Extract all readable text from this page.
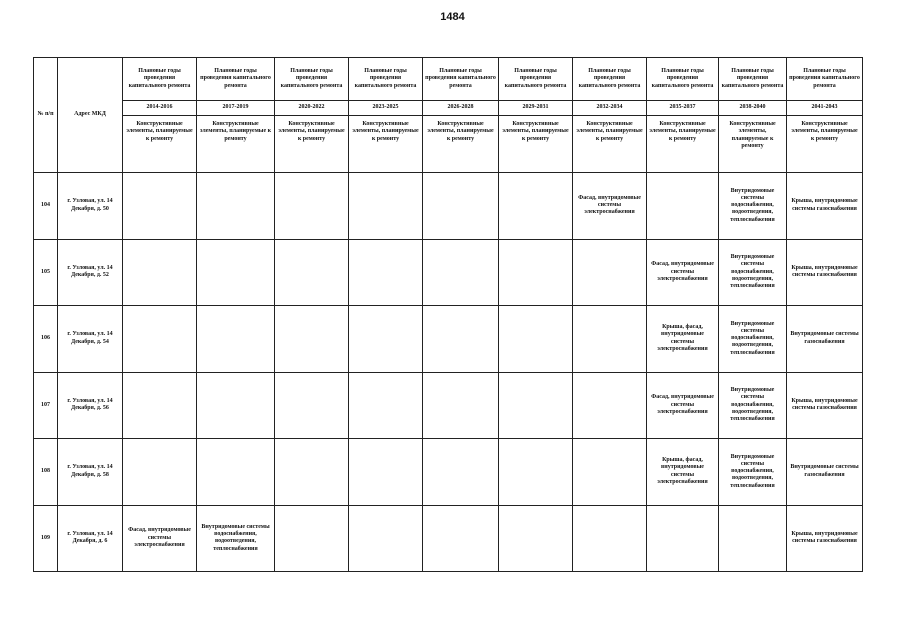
1484
№ п/п	Адрес МКД	Плановые годы проведения капитального ремонта	Плановые годы проведения капитального ремонта	Плановые годы проведения капитального ремонта	Плановые годы проведения капитального ремонта	Плановые годы проведения капитального ремонта	Плановые годы проведения капитального ремонта	Плановые годы проведения капитального ремонта	Плановые годы проведения капитального ремонта	Плановые годы проведения капитального ремонта	Плановые годы проведения капитального ремонта
		2014-2016	2017-2019	2020-2022	2023-2025	2026-2028	2029-2031	2032-2034	2035-2037	2038-2040	2041-2043
		Конструктивные элементы, планируемые к ремонту	Конструктивные элементы, планируемые к ремонту	Конструктивные элементы, планируемые к ремонту	Конструктивные элементы, планируемые к ремонту	Конструктивные элементы, планируемые к ремонту	Конструктивные элементы, планируемые к ремонту	Конструктивные элементы, планируемые к ремонту	Конструктивные элементы, планируемые к ремонту	Конструктивные элементы, планируемые к ремонту	Конструктивные элементы, планируемые к ремонту
104	г. Узловая, ул. 14 Декабря, д. 50							Фасад, внутридомовые системы электроснабжения		Внутридомовые системы водоснабжения, водоотведения, теплоснабжения	Крыша, внутридомовые системы газоснабжения
105	г. Узловая, ул. 14 Декабря, д. 52								Фасад, внутридомовые системы электроснабжения	Внутридомовые системы водоснабжения, водоотведения, теплоснабжения	Крыша, внутридомовые системы газоснабжения
106	г. Узловая, ул. 14 Декабря, д. 54								Крыша, фасад, внутридомовые системы электроснабжения	Внутридомовые системы водоснабжения, водоотведения, теплоснабжения	Внутридомовые системы газоснабжения
107	г. Узловая, ул. 14 Декабря, д. 56								Фасад, внутридомовые системы электроснабжения	Внутридомовые системы водоснабжения, водоотведения, теплоснабжения	Крыша, внутридомовые системы газоснабжения
108	г. Узловая, ул. 14 Декабря, д. 58								Крыша, фасад, внутридомовые системы электроснабжения	Внутридомовые системы водоснабжения, водоотведения, теплоснабжения	Внутридомовые системы газоснабжения
109	г. Узловая, ул. 14 Декабря, д. 6	Фасад, внутридомовые системы электроснабжения	Внутридомовые системы водоснабжения, водоотведения, теплоснабжения								Крыша, внутридомовые системы газоснабжения
